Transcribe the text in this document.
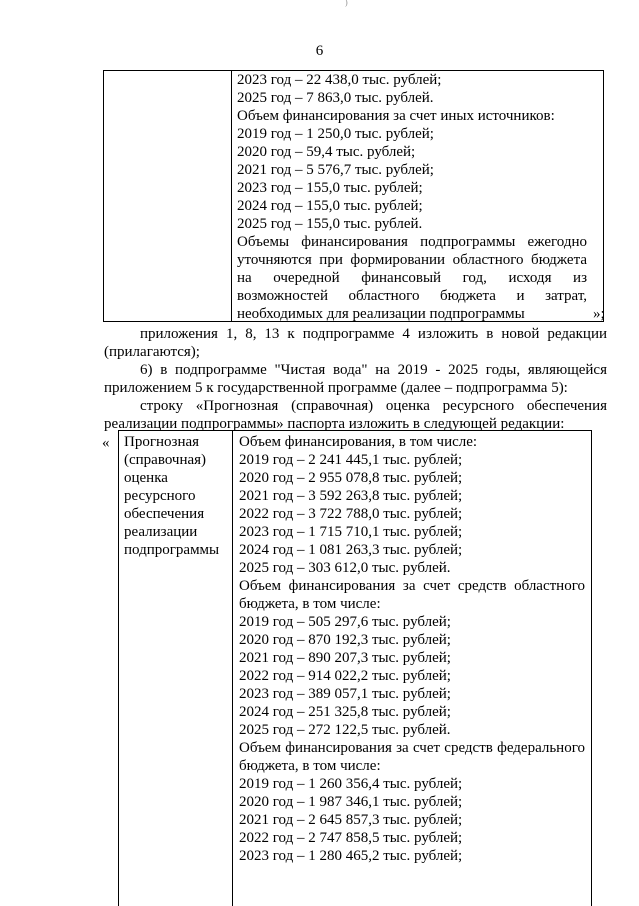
)
6
2023 год – 22 438,0 тыс. рублей;
2025 год – 7 863,0 тыс. рублей.
Объем финансирования за счет иных источников:
2019 год – 1 250,0 тыс. рублей;
2020 год – 59,4 тыс. рублей;
2021 год – 5 576,7 тыс. рублей;
2023 год – 155,0 тыс. рублей;
2024 год – 155,0 тыс. рублей;
2025 год – 155,0 тыс. рублей.
Объемы финансирования подпрограммы ежегодно
уточняются при формировании областного бюджета
на очередной финансовый год, исходя из
возможностей областного бюджета и затрат,
необходимых для реализации подпрограммы	»;
приложения 1, 8, 13 к подпрограмме 4 изложить в новой редакции
(прилагаются);
6) в подпрограмме "Чистая вода" на 2019 - 2025 годы, являющейся
приложением 5 к государственной программе (далее – подпрограмма 5):
строку «Прогнозная (справочная) оценка ресурсного обеспечения
реализации подпрограммы» паспорта изложить в следующей редакции:
« Прогнозная
(справочная)
оценка
ресурсного
обеспечения
реализации
подпрограммы
Объем финансирования, в том числе:
2019 год – 2 241 445,1 тыс. рублей;
2020 год – 2 955 078,8 тыс. рублей;
2021 год – 3 592 263,8 тыс. рублей;
2022 год – 3 722 788,0 тыс. рублей;
2023 год – 1 715 710,1 тыс. рублей;
2024 год – 1 081 263,3 тыс. рублей;
2025 год – 303 612,0 тыс. рублей.
Объем финансирования за счет средств областного
бюджета, в том числе:
2019 год – 505 297,6 тыс. рублей;
2020 год – 870 192,3 тыс. рублей;
2021 год – 890 207,3 тыс. рублей;
2022 год – 914 022,2 тыс. рублей;
2023 год – 389 057,1 тыс. рублей;
2024 год – 251 325,8 тыс. рублей;
2025 год – 272 122,5 тыс. рублей.
Объем финансирования за счет средств федерального
бюджета, в том числе:
2019 год – 1 260 356,4 тыс. рублей;
2020 год – 1 987 346,1 тыс. рублей;
2021 год – 2 645 857,3 тыс. рублей;
2022 год – 2 747 858,5 тыс. рублей;
2023 год – 1 280 465,2 тыс. рублей;
